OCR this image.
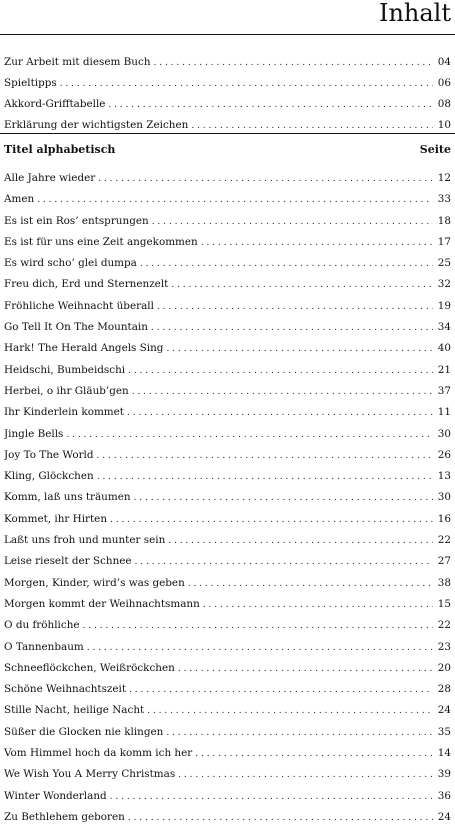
Inhalt
Zur Arbeit mit diesem Buch . . .	04
Spieltipps . . .	06
Akkord-Grifftabelle . . .	08
Erklärung der wichtigsten Zeichen . . .	10
Titel alphabetisch	Seite
Alle Jahre wieder . . .	12
Amen . . .	33
Es ist ein Ros’ entsprungen . . .	18
Es ist für uns eine Zeit angekommen . . .	17
Es wird scho’ glei dumpa . . .	25
Freu dich, Erd und Sternenzelt . . .	32
Fröhliche Weihnacht überall . . .	19
Go Tell It On The Mountain . . .	34
Hark! The Herald Angels Sing . . .	40
Heidschi, Bumbeidschi . . .	21
Herbei, o ihr Gläub’gen . . .	37
Ihr Kinderlein kommet . . .	11
Jingle Bells . . .	30
Joy To The World . . .	26
Kling, Glöckchen . . .	13
Komm, laß uns träumen . . .	30
Kommet, ihr Hirten . . .	16
Laßt uns froh und munter sein . . .	22
Leise rieselt der Schnee . . .	27
Morgen, Kinder, wird’s was geben . . .	38
Morgen kommt der Weihnachtsmann . . .	15
O du fröhliche . . .	22
O Tannenbaum . . .	23
Schneeflöckchen, Weißröckchen . . .	20
Schöne Weihnachtszeit . . .	28
Stille Nacht, heilige Nacht . . .	24
Süßer die Glocken nie klingen . . .	35
Vom Himmel hoch da komm ich her . . .	14
We Wish You A Merry Christmas . . .	39
Winter Wonderland . . .	36
Zu Bethlehem geboren . . .	24
